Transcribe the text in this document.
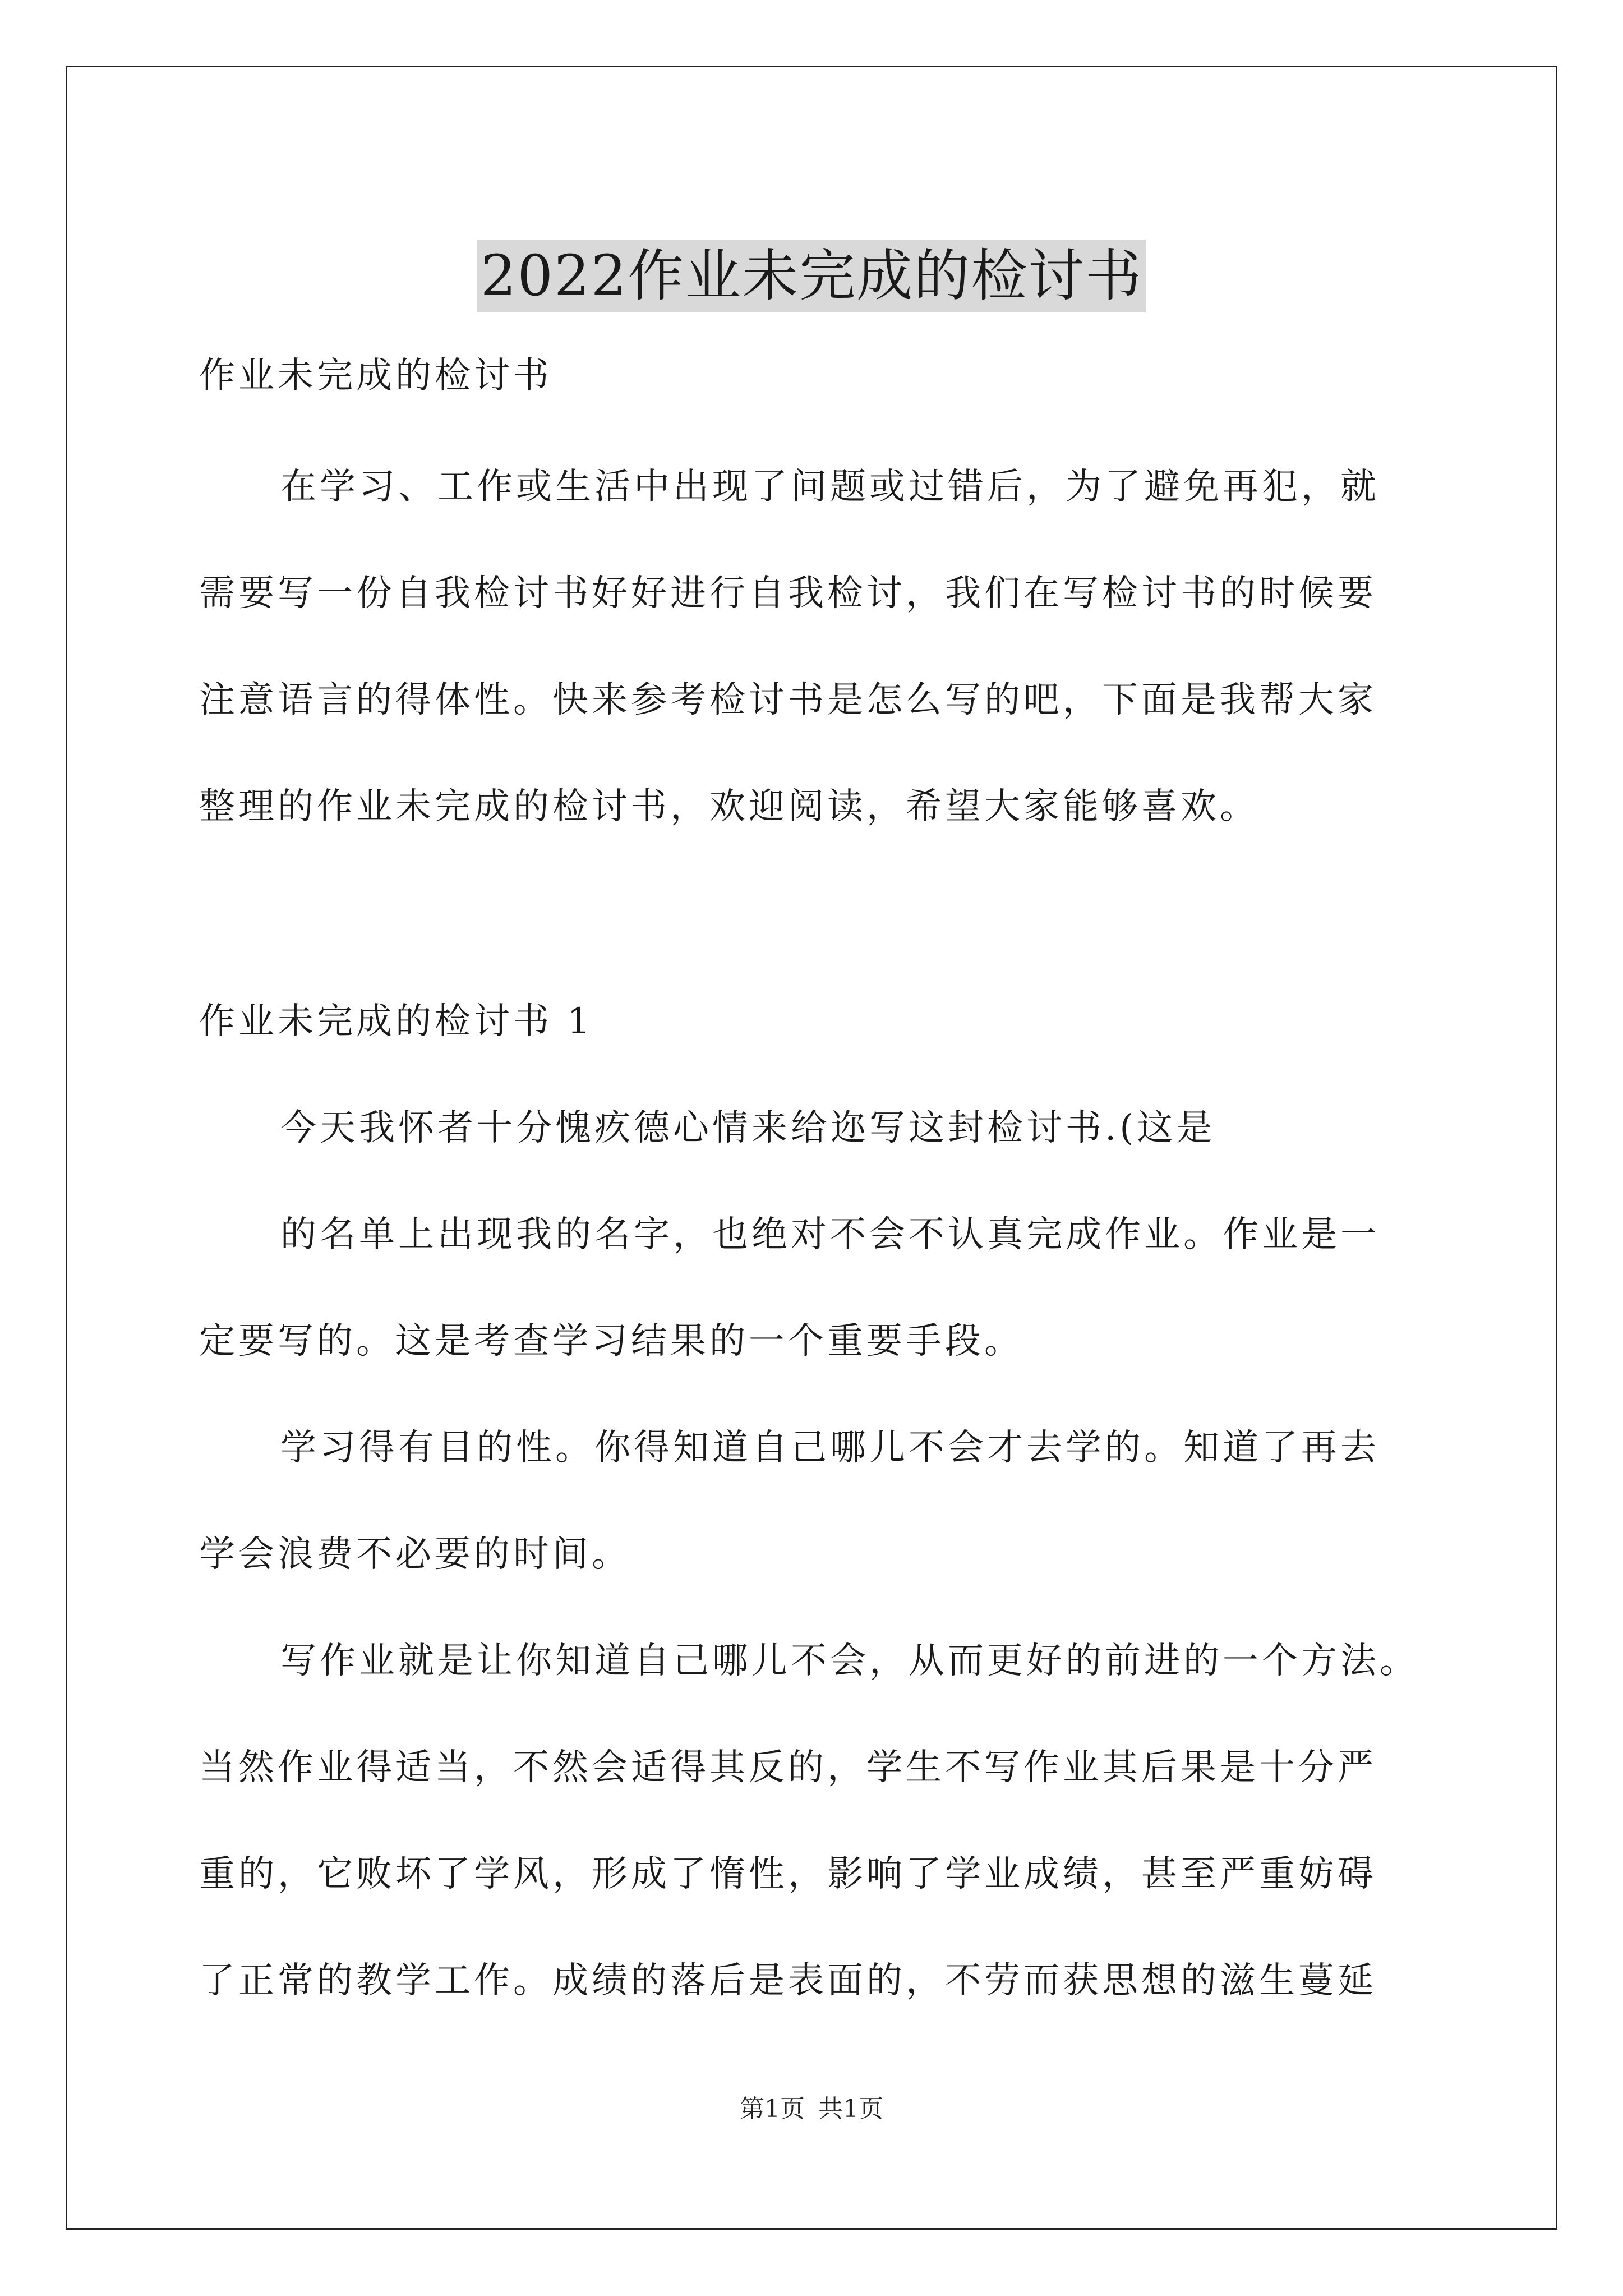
2022作业未完成的检讨书
作业未完成的检讨书
在学习、工作或生活中出现了问题或过错后，为了避免再犯，就
需要写一份自我检讨书好好进行自我检讨，我们在写检讨书的时候要
注意语言的得体性。快来参考检讨书是怎么写的吧，下面是我帮大家
整理的作业未完成的检讨书，欢迎阅读，希望大家能够喜欢。
作业未完成的检讨书 1
今天我怀者十分愧疚德心情来给迩写这封检讨书.(这是
的名单上出现我的名字，也绝对不会不认真完成作业。作业是一
定要写的。这是考查学习结果的一个重要手段。
学习得有目的性。你得知道自己哪儿不会才去学的。知道了再去
学会浪费不必要的时间。
写作业就是让你知道自己哪儿不会，从而更好的前进的一个方法。
当然作业得适当，不然会适得其反的，学生不写作业其后果是十分严
重的，它败坏了学风，形成了惰性，影响了学业成绩，甚至严重妨碍
了正常的教学工作。成绩的落后是表面的，不劳而获思想的滋生蔓延
第1页 共1页
